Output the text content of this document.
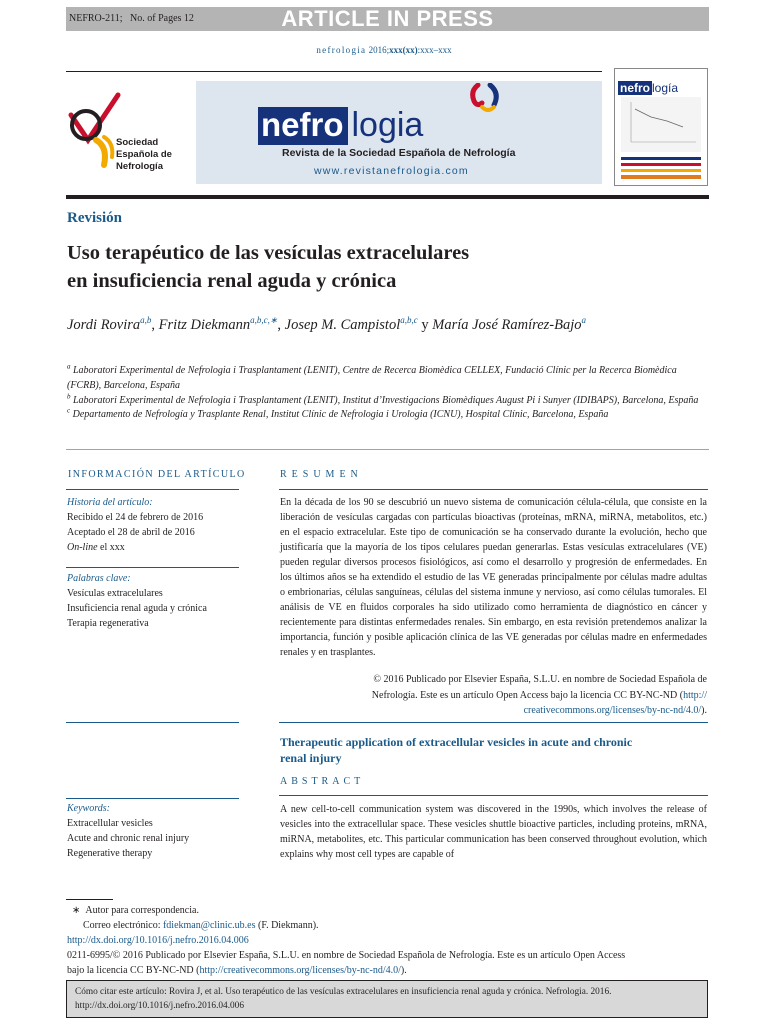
NEFRO-211; No. of Pages 12	ARTICLE IN PRESS
nefrologia 2016;xxx(xx):xxx–xxx
Sociedad
Española de
Nefrología
nefro logia
Revista de la Sociedad Española de Nefrología
www.revistanefrologia.com
nefro logía
Revisión
Uso terapéutico de las vesículas extracelulares
en insuficiencia renal aguda y crónica
Jordi Rovira$^{a,b}$, Fritz Diekmann$^{a,b,c,∗}$, Josep M. Campistol$^{a,b,c}$ y María José Ramírez-Bajo$^a$
$^a$ Laboratori Experimental de Nefrologia i Trasplantament (LENIT), Centre de Recerca Biomèdica CELLEX, Fundació Clínic per la Recerca Biomèdica (FCRB), Barcelona, España
$^b$ Laboratori Experimental de Nefrologia i Trasplantament (LENIT), Institut d’Investigacions Biomèdiques August Pi i Sunyer (IDIBAPS), Barcelona, España
$^c$ Departamento de Nefrología y Trasplante Renal, Institut Clínic de Nefrologia i Urologia (ICNU), Hospital Clínic, Barcelona, España
INFORMACIÓN DEL ARTÍCULO
Historia del artículo:
Recibido el 24 de febrero de 2016
Aceptado el 28 de abril de 2016
On-line el xxx
Palabras clave:
Vesículas extracelulares
Insuficiencia renal aguda y crónica
Terapia regenerativa
RESUMEN
En la década de los 90 se descubrió un nuevo sistema de comunicación célula-célula, que consiste en la liberación de vesículas cargadas con partículas bioactivas (proteínas, mRNA, miRNA, metabolitos, etc.) en el espacio extracelular. Este tipo de comunicación se ha conservado durante la evolución, hecho que justificaría que la mayoría de los tipos celulares puedan generarlas. Estas vesículas extracelulares (VE) pueden regular diversos procesos fisiológicos, así como el desarrollo y progresión de enfermedades. En los últimos años se ha extendido el estudio de las VE generadas principalmente por células madre adultas o embrionarias, células sanguíneas, células del sistema inmune y nervioso, así como células tumorales. El análisis de VE en fluidos corporales ha sido utilizado como herramienta de diagnóstico en cáncer y recientemente para distintas enfermedades renales. Sin embargo, en esta revisión pretendemos analizar la importancia, función y posible aplicación clínica de las VE generadas por células madre en enfermedades renales y en trasplantes.
© 2016 Publicado por Elsevier España, S.L.U. en nombre de Sociedad Española de
Nefrología. Este es un artículo Open Access bajo la licencia CC BY-NC-ND (http://
creativecommons.org/licenses/by-nc-nd/4.0/).
Therapeutic application of extracellular vesicles in acute and chronic
renal injury
ABSTRACT
Keywords:
Extracellular vesicles
Acute and chronic renal injury
Regenerative therapy
A new cell-to-cell communication system was discovered in the 1990s, which involves the release of vesicles into the extracellular space. These vesicles shuttle bioactive particles, including proteins, mRNA, miRNA, metabolites, etc. This particular communication has been conserved throughout evolution, which explains why most cell types are capable of
∗ Autor para correspondencia.
Correo electrónico: fdiekman@clinic.ub.es (F. Diekmann).
http://dx.doi.org/10.1016/j.nefro.2016.04.006
0211-6995/© 2016 Publicado por Elsevier España, S.L.U. en nombre de Sociedad Española de Nefrología. Este es un artículo Open Access
bajo la licencia CC BY-NC-ND (http://creativecommons.org/licenses/by-nc-nd/4.0/).
Cómo citar este artículo: Rovira J, et al. Uso terapéutico de las vesículas extracelulares en insuficiencia renal aguda y crónica. Nefrologia. 2016.
http://dx.doi.org/10.1016/j.nefro.2016.04.006
